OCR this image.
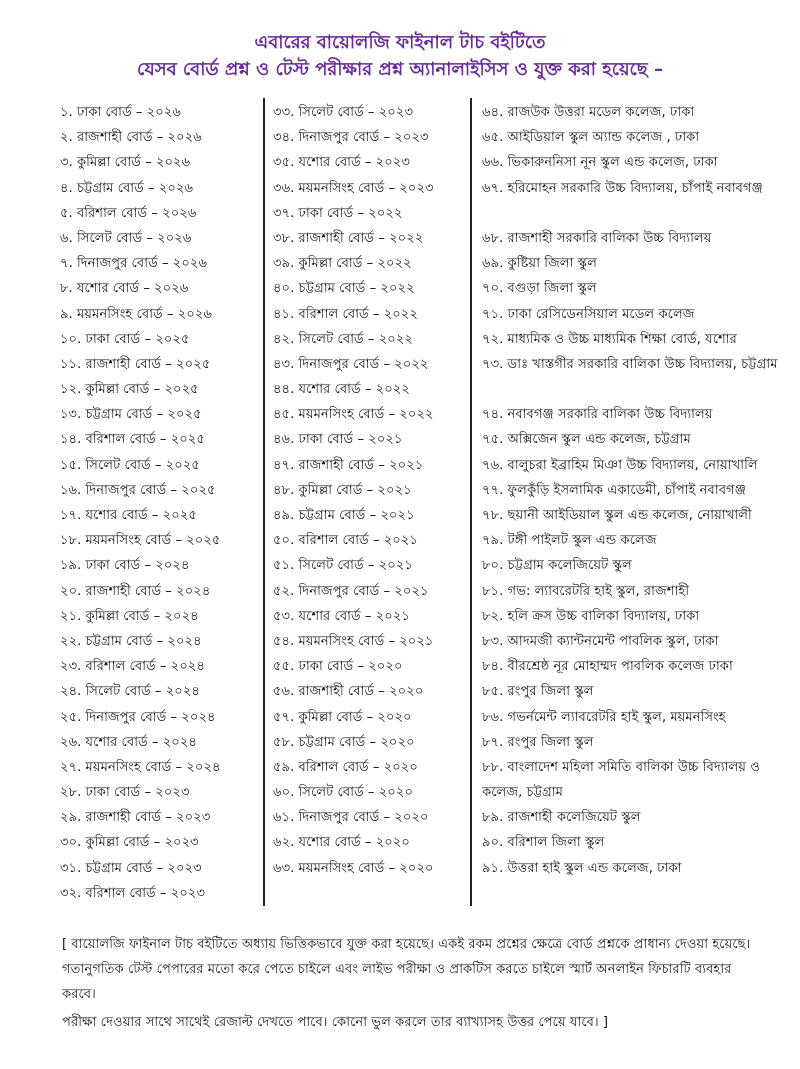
এবারের বায়োলজি ফাইনাল টাচ বইটিতে
যেসব বোর্ড প্রশ্ন ও টেস্ট পরীক্ষার প্রশ্ন অ্যানালাইসিস ও যুক্ত করা হয়েছে –
১. ঢাকা বোর্ড – ২০২৬
২. রাজশাহী বোর্ড – ২০২৬
৩. কুমিল্লা বোর্ড – ২০২৬
৪. চট্টগ্রাম বোর্ড – ২০২৬
৫. বরিশাল বোর্ড – ২০২৬
৬. সিলেট বোর্ড – ২০২৬
৭. দিনাজপুর বোর্ড – ২০২৬
৮. যশোর বোর্ড – ২০২৬
৯. ময়মনসিংহ বোর্ড – ২০২৬
১০. ঢাকা বোর্ড – ২০২৫
১১. রাজশাহী বোর্ড – ২০২৫
১২. কুমিল্লা বোর্ড – ২০২৫
১৩. চট্টগ্রাম বোর্ড – ২০২৫
১৪. বরিশাল বোর্ড – ২০২৫
১৫. সিলেট বোর্ড – ২০২৫
১৬. দিনাজপুর বোর্ড – ২০২৫
১৭. যশোর বোর্ড – ২০২৫
১৮. ময়মনসিংহ বোর্ড – ২০২৫
১৯. ঢাকা বোর্ড – ২০২৪
২০. রাজশাহী বোর্ড – ২০২৪
২১. কুমিল্লা বোর্ড – ২০২৪
২২. চট্টগ্রাম বোর্ড – ২০২৪
২৩. বরিশাল বোর্ড – ২০২৪
২৪. সিলেট বোর্ড – ২০২৪
২৫. দিনাজপুর বোর্ড – ২০২৪
২৬. যশোর বোর্ড – ২০২৪
২৭. ময়মনসিংহ বোর্ড – ২০২৪
২৮. ঢাকা বোর্ড – ২০২৩
২৯. রাজশাহী বোর্ড – ২০২৩
৩০. কুমিল্লা বোর্ড – ২০২৩
৩১. চট্টগ্রাম বোর্ড – ২০২৩
৩২. বরিশাল বোর্ড – ২০২৩
৩৩. সিলেট বোর্ড – ২০২৩
৩৪. দিনাজপুর বোর্ড – ২০২৩
৩৫. যশোর বোর্ড – ২০২৩
৩৬. ময়মনসিংহ বোর্ড – ২০২৩
৩৭. ঢাকা বোর্ড – ২০২২
৩৮. রাজশাহী বোর্ড – ২০২২
৩৯. কুমিল্লা বোর্ড – ২০২২
৪০. চট্টগ্রাম বোর্ড – ২০২২
৪১. বরিশাল বোর্ড – ২০২২
৪২. সিলেট বোর্ড – ২০২২
৪৩. দিনাজপুর বোর্ড – ২০২২
৪৪. যশোর বোর্ড – ২০২২
৪৫. ময়মনসিংহ বোর্ড – ২০২২
৪৬. ঢাকা বোর্ড – ২০২১
৪৭. রাজশাহী বোর্ড – ২০২১
৪৮. কুমিল্লা বোর্ড – ২০২১
৪৯. চট্টগ্রাম বোর্ড – ২০২১
৫০. বরিশাল বোর্ড – ২০২১
৫১. সিলেট বোর্ড – ২০২১
৫২. দিনাজপুর বোর্ড – ২০২১
৫৩. যশোর বোর্ড – ২০২১
৫৪. ময়মনসিংহ বোর্ড – ২০২১
৫৫. ঢাকা বোর্ড – ২০২০
৫৬. রাজশাহী বোর্ড – ২০২০
৫৭. কুমিল্লা বোর্ড – ২০২০
৫৮. চট্টগ্রাম বোর্ড – ২০২০
৫৯. বরিশাল বোর্ড – ২০২০
৬০. সিলেট বোর্ড – ২০২০
৬১. দিনাজপুর বোর্ড – ২০২০
৬২. যশোর বোর্ড – ২০২০
৬৩. ময়মনসিংহ বোর্ড – ২০২০
৬৪. রাজউক উত্তরা মডেল কলেজ, ঢাকা
৬৫. আইডিয়াল স্কুল অ্যান্ড কলেজ , ঢাকা
৬৬. ভিকারুননিসা নূন স্কুল এন্ড কলেজ, ঢাকা
৬৭. হরিমোহন সরকারি উচ্চ বিদ্যালয়, চাঁপাই নবাবগঞ্জ
৬৮. রাজশাহী সরকারি বালিকা উচ্চ বিদ্যালয়
৬৯. কুষ্টিয়া জিলা স্কুল
৭০. বগুড়া জিলা স্কুল
৭১. ঢাকা রেসিডেনসিয়াল মডেল কলেজ
৭২. মাধ্যমিক ও উচ্চ মাধ্যমিক শিক্ষা বোর্ড, যশোর
৭৩. ডাঃ খাস্তগীর সরকারি বালিকা উচ্চ বিদ্যালয়, চট্টগ্রাম
৭৪. নবাবগঞ্জ সরকারি বালিকা উচ্চ বিদ্যালয়
৭৫. অক্সিজেন স্কুল এন্ড কলেজ, চট্টগ্রাম
৭৬. বালুচরা ইব্রাহিম মিঞা উচ্চ বিদ্যালয়, নোয়াখালি
৭৭. ফুলকুঁড়ি ইসলামিক একাডেমী, চাঁপাই নবাবগঞ্জ
৭৮. ছয়ানী আইডিয়াল স্কুল এন্ড কলেজ, নোয়াখালী
৭৯. টঙ্গী পাইলট স্কুল এন্ড কলেজ
৮০. চট্টগ্রাম কলেজিয়েট স্কুল
৮১. গভ: ল্যাবরেটরি হাই স্কুল, রাজশাহী
৮২. হলি ক্রস উচ্চ বালিকা বিদ্যালয়, ঢাকা
৮৩. আদমজী ক্যান্টনমেন্ট পাবলিক স্কুল, ঢাকা
৮৪. বীরশ্রেষ্ঠ নূর মোহাম্মদ পাবলিক কলেজ ঢাকা
৮৫. রংপুর জিলা স্কুল
৮৬. গভর্নমেন্ট ল্যাবরেটরি হাই স্কুল, ময়মনসিংহ
৮৭. রংপুর জিলা স্কুল
৮৮. বাংলাদেশ মহিলা সমিতি বালিকা উচ্চ বিদ্যালয় ও কলেজ, চট্টগ্রাম
৮৯. রাজশাহী কলেজিয়েট স্কুল
৯০. বরিশাল জিলা স্কুল
৯১. উত্তরা হাই স্কুল এন্ড কলেজ, ঢাকা

[ বায়োলজি ফাইনাল টাচ বইটিতে অধ্যায় ভিত্তিকভাবে যুক্ত করা হয়েছে। একই রকম প্রশ্নের ক্ষেত্রে বোর্ড প্রশ্নকে প্রাধান্য দেওয়া হয়েছে। গতানুগতিক টেস্ট পেপারের মতো করে পেতে চাইলে এবং লাইভ পরীক্ষা ও প্রাকটিস করতে চাইলে স্মার্ট অনলাইন ফিচারটি ব্যবহার করবে।

পরীক্ষা দেওয়ার সাথে সাথেই রেজাল্ট দেখতে পাবে। কোনো ভুল করলে তার ব্যাখ্যাসহ উত্তর পেয়ে যাবে। ]
